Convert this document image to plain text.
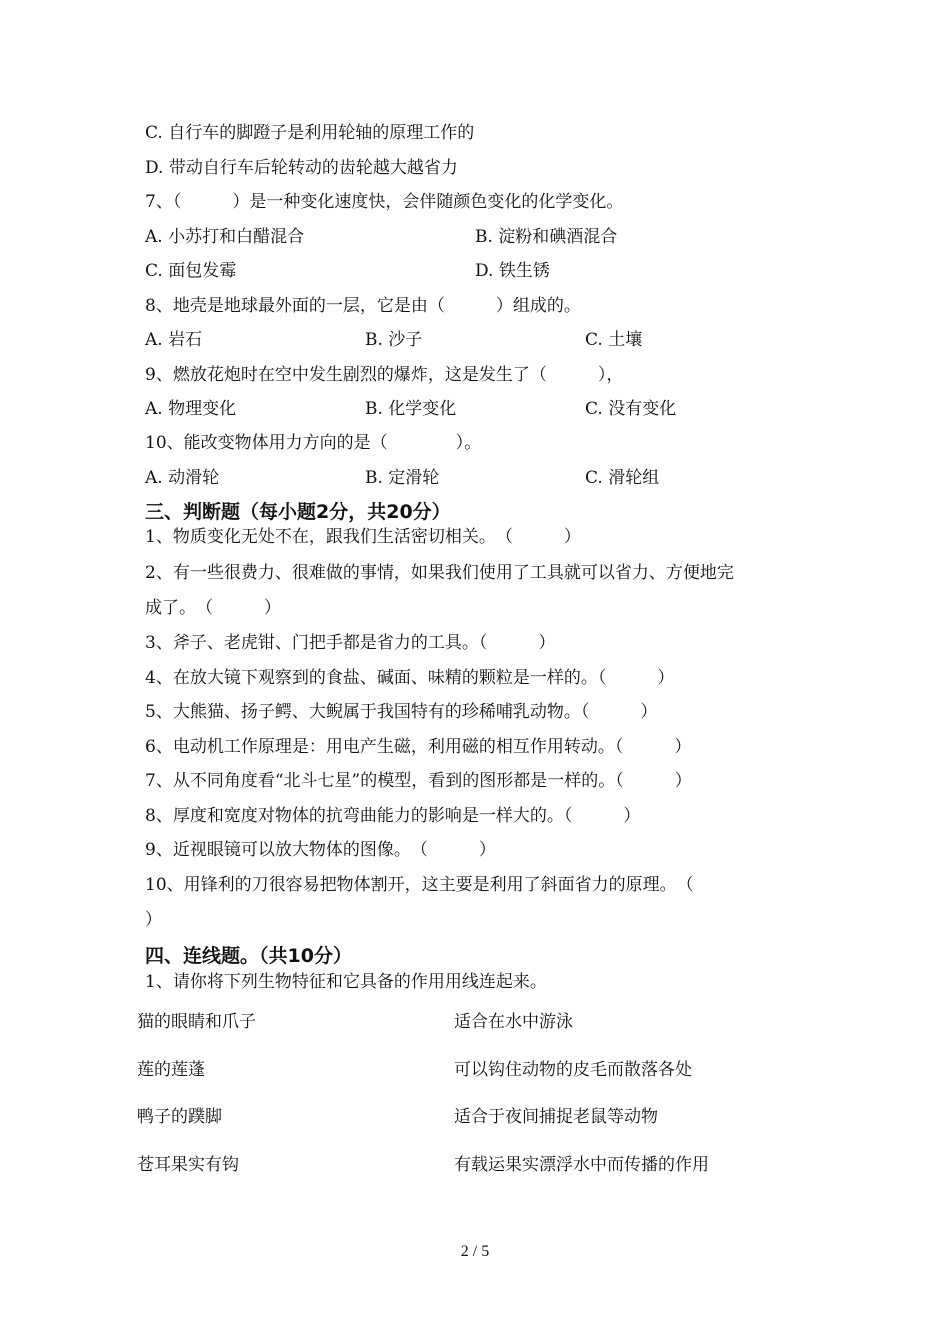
C. 自行车的脚蹬子是利用轮轴的原理工作的
D. 带动自行车后轮转动的齿轮越大越省力
7、（　　　）是一种变化速度快，会伴随颜色变化的化学变化。
A. 小苏打和白醋混合	B. 淀粉和碘酒混合
C. 面包发霉	D. 铁生锈
8、地壳是地球最外面的一层，它是由（　　　）组成的。
A. 岩石	B. 沙子	C. 土壤
9、燃放花炮时在空中发生剧烈的爆炸，这是发生了（　　　），
A. 物理变化	B. 化学变化	C. 没有变化
10、能改变物体用力方向的是（　　　　）。
A. 动滑轮	B. 定滑轮	C. 滑轮组
三、判断题（每小题2分，共20分）
1、物质变化无处不在，跟我们生活密切相关。　（　　　）
2、有一些很费力、很难做的事情，如果我们使用了工具就可以省力、方便地完
成了。　（　　　）
3、斧子、老虎钳、门把手都是省力的工具。（　　　）
4、在放大镜下观察到的食盐、碱面、味精的颗粒是一样的。（　　　）
5、大熊猫、扬子鳄、大鲵属于我国特有的珍稀哺乳动物。（　　　）
6、电动机工作原理是：用电产生磁，利用磁的相互作用转动。（　　　）
7、从不同角度看“北斗七星”的模型，看到的图形都是一样的。（　　　）
8、厚度和宽度对物体的抗弯曲能力的影响是一样大的。（　　　）
9、近视眼镜可以放大物体的图像。　（　　　）
10、用锋利的刀很容易把物体割开，这主要是利用了斜面省力的原理。　（
）
四、连线题。（共10分）
1、请你将下列生物特征和它具备的作用用线连起来。
猫的眼睛和爪子	适合在水中游泳
莲的莲蓬	可以钩住动物的皮毛而散落各处
鸭子的蹼脚	适合于夜间捕捉老鼠等动物
苍耳果实有钩	有载运果实漂浮水中而传播的作用
2 / 5
